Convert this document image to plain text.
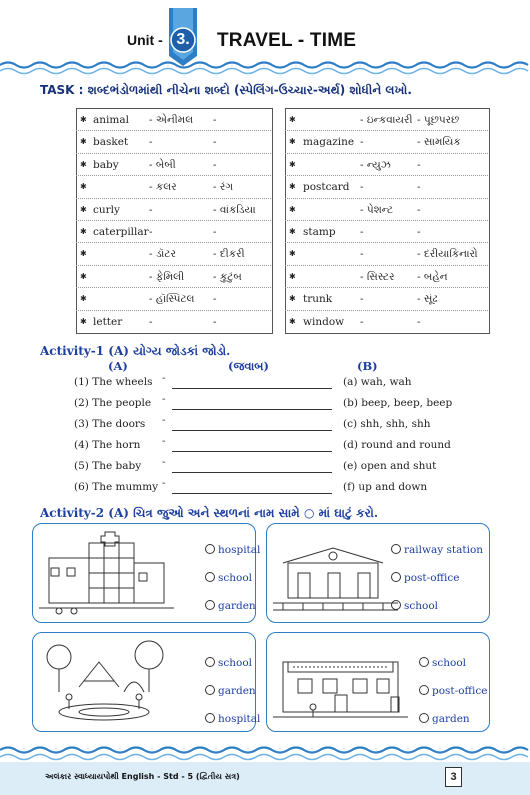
Unit - 3.	TRAVEL - TIME
TASK : શબ્દભંડોળમાંથી નીચેના શબ્દો (સ્પેલિંગ-ઉચ્ચાર-અર્થ) શોધીને લખો.
✱ animal - એનીમલ -
✱ basket -	-
✱ baby	- બેબી	-
✱	- કલર	- રંગ
✱ curly	-	- વાંકડિયા
✱ caterpillar -	-
✱	- ડૉટર	- દીકરી
✱	- ફેમિલી	- કુટુંબ
✱	- હૉસ્પિટલ -
✱ letter	-	-
✱	- ઇન્કવાયરી - પૂછપરછ
✱ magazine -	- સામયિક
✱	- ન્યુઝ -
✱ postcard -	-
✱	- પેશન્ટ -
✱ stamp -	-
✱	-	- દરીયાકિનારો
✱	- સિસ્ટર - બહેન
✱ trunk	-	- સૂંઢ
✱ window -	-
Activity-1 (A) યોગ્ય જોડકાં જોડો.
(A)	(જવાબ)	(B)
(1) The wheels -	(a) wah, wah
(2) The people -	(b) beep, beep, beep
(3) The doors -	(c) shh, shh, shh
(4) The horn -	(d) round and round
(5) The baby -	(e) open and shut
(6) The mummy -	(f) up and down
Activity-2 (A) ચિત્ર જુઓ અને સ્થળનાં નામ સામે ○ માં ઘાટું કરો.
hospital
school
garden
railway station
post-office
school
school
garden
hospital
school
post-office
garden
અલંકાર સ્વાધ્યાયપોથી English - Std - 5 (દ્વિતીય સત્ર)	3
